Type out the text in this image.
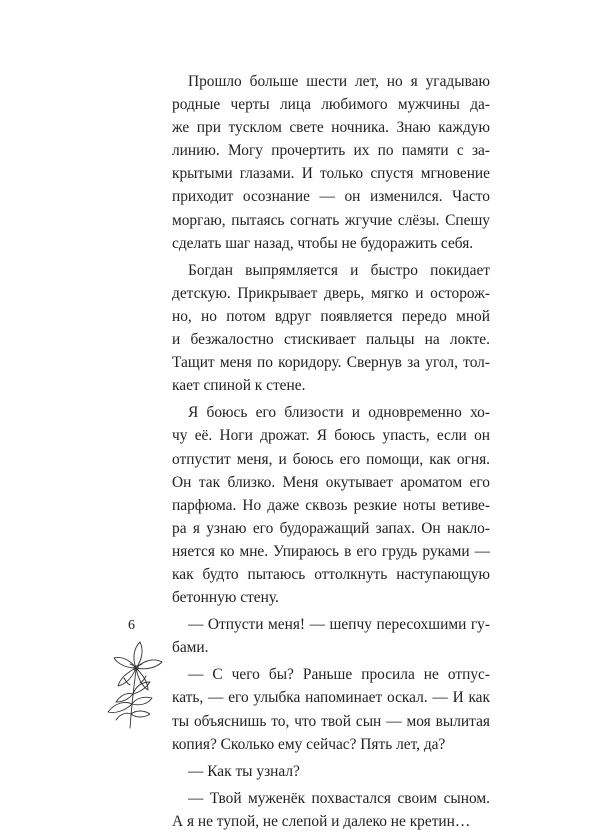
Прошло больше шести лет, но я угадываю
родные черты лица любимого мужчины да-
же при тусклом свете ночника. Знаю каждую
линию. Могу прочертить их по памяти с за-
крытыми глазами. И только спустя мгновение
приходит осознание — он изменился. Часто
моргаю, пытаясь согнать жгучие слёзы. Спешу
сделать шаг назад, чтобы не будоражить себя.
Богдан выпрямляется и быстро покидает
детскую. Прикрывает дверь, мягко и осторож-
но, но потом вдруг появляется передо мной
и безжалостно стискивает пальцы на локте.
Тащит меня по коридору. Свернув за угол, тол-
кает спиной к стене.
Я боюсь его близости и одновременно хо-
чу её. Ноги дрожат. Я боюсь упасть, если он
отпустит меня, и боюсь его помощи, как огня.
Он так близко. Меня окутывает ароматом его
парфюма. Но даже сквозь резкие ноты ветиве-
ра я узнаю его будоражащий запах. Он накло-
няется ко мне. Упираюсь в его грудь руками —
как будто пытаюсь оттолкнуть наступающую
бетонную стену.
— Отпусти меня! — шепчу пересохшими гу-
бами.
— С чего бы? Раньше просила не отпус-
кать, — его улыбка напоминает оскал. — И как
ты объяснишь то, что твой сын — моя вылитая
копия? Сколько ему сейчас? Пять лет, да?
— Как ты узнал?
— Твой муженёк похвастался своим сыном.
А я не тупой, не слепой и далеко не кретин…
6
